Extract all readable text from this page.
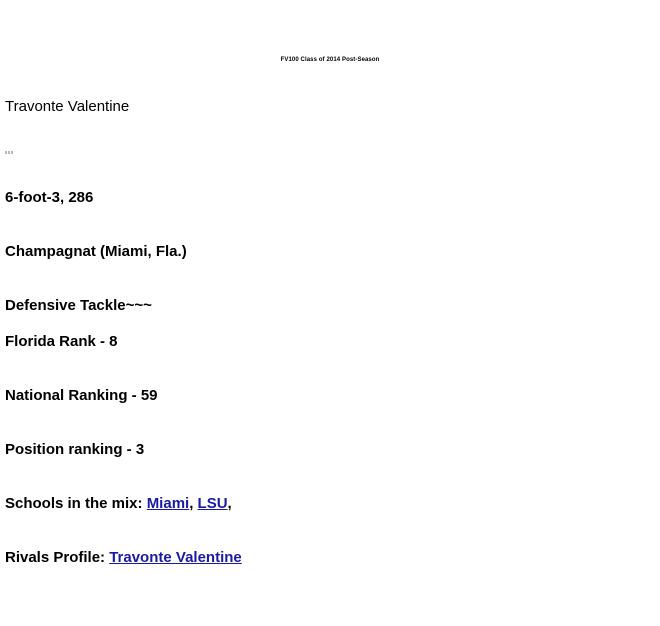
FV100 Class of 2014 Post-Season
Travonte Valentine
6-foot-3, 286
Champagnat (Miami, Fla.)
Defensive Tackle~~~
Florida Rank - 8
National Ranking - 59
Position ranking - 3
Schools in the mix: Miami, LSU,
Rivals Profile: Travonte Valentine
